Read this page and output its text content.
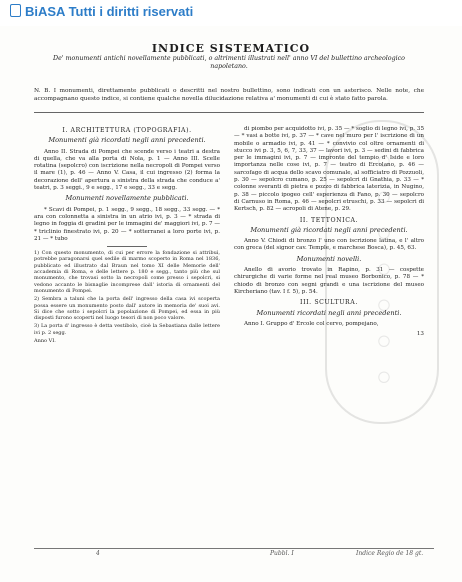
BiASA Tutti i diritti riservati
○○○○○○○
INDICE SISTEMATICO
De' monumenti antichi novellamente pubblicati, o altrimenti illustrati nell' anno VI del bullettino archeologico napoletano.
N. B. I monumenti, direttamente pubblicati o descritti nel nostro bullettino, sono indicati con un asterisco. Nelle note, che accompagnano questo indice, si contiene qualche novella dilucidazione relativa a' monumenti di cui è stato fatto parola.
I. ARCHITETTURA (TOPOGRAFIA).
Monumenti già ricordati negli anni precedenti.

Anno II. Strada di Pompei che scende verso i teatri a destra di quella, che va alla porta di Nola, p. 1 — Anno III. Scelle rotatina (sepolcro) con iscrizione nella necropoli di Pompei verso il mare (1), p. 46 — Anno V. Casa, il cui ingresso (2) forma la decorazione dell' apertura a sinistra della strada che conduce a' teatri, p. 3 seggi., 9 e segg., 17 e segg., 33 e segg.

Monumenti novellamente pubblicati.

* Scavi di Pompei, p. 1 segg., 9 segg., 18 segg., 33 segg. — * ara con colonnetta a sinistra in un atrio ivi, p. 3 — * strada di legno in foggia di gradini per le immagini de' maggiori ivi, p. 7 — * triclinio finestrato ivi, p. 20 — * sotterranei a loro porte ivi, p. 21 — * tubo

1) Con questo monumento, di cui per errore la fondazione si attribuì, potrebbe paragonarsi quel sedile di marmo scoperto in Roma nel 1836, pubblicato ed illustrato dal Braun nel tomo XI delle Memorie dell' accademia di Roma, e delle lettere p. 180 e segg., tanto più che sul monumento, che trovasi sotto la necropoli come presso i sepolcri, si vedono accanto le bisnaglie incomprese dall' istoria di ornamenti del monumento di Pompei.

2) Sembra a taluni che la porta dell' ingresso della casa ivi scoperta possa essere un monumento posto dall' autore in memoria de' suoi avi. Si dice che sotto i sepolcri la popolazione di Pompei, ed essa in più disposti furono scoperti nel luogo tesori di non poco valore.

3) La porta d' ingresso è detta vestibolo, cioè la Sebastiana dalle lettere ivi p. 2 segg.

Anno VI.

di piombo per acquidotto ivi, p. 35 — * soglio di legno ivi, p. 35 — * vasi a botte ivi, p. 37 — * cave nel muro per l' iscrizione di un mobile o armadio ivi, p. 41 — * convivio col oltre ornamenti di stucco ivi p. 3, 5, 6, 7, 33, 37 — lavori ivi, p. 3 — sedini di fabbrica per le immagini ivi, p. 7 — impronte del tempio d' Iside e loro importanza nelle cose ivi, p. 7 — teatro di Ercolano, p. 46 — sarcofago di acqua dello scavo comunale, al sofficiatro di Pozzuoli, p. 30 — sepolcro cumano, p. 25 — sepolcri di Gnathia, p. 33 — * colonne sveranti di pietra e pozzo di fabbrica laterizia, in Nugino, p. 38 — piccolo ipogeo cell' esperienza di Fano, p. 30 — sepolcro di Carnuso in Roma, p. 46 — sepolcri etruschi, p. 33 — sepolcri di Kertsch, p. 82 — acropoli di Atene, p. 29.

II. TETTONICA.
Monumenti già ricordati negli anni precedenti.

Anno V. Chiodi di bronzo l' uno con iscrizione latina, e l' altro con greca (del signor cav. Temple, e marchese Bosca), p. 45, 63.

Monumenti novelli.

Anello di avorio trovato in Rapino, p. 31 — cospette chirurgiche di varie forme nel real museo Borbonico, p. 78 — * chiodo di bronzo con segni grandi e una iscrizione del museo Kircheriano (tav. I f. 5), p. 54.

III. SCULTURA.
Monumenti ricordati negli anni precedenti.

Anno I. Gruppo d' Ercole col cervo, pompejano,

13
4	Pubbl. I	Indice Regio de 18 gt.
